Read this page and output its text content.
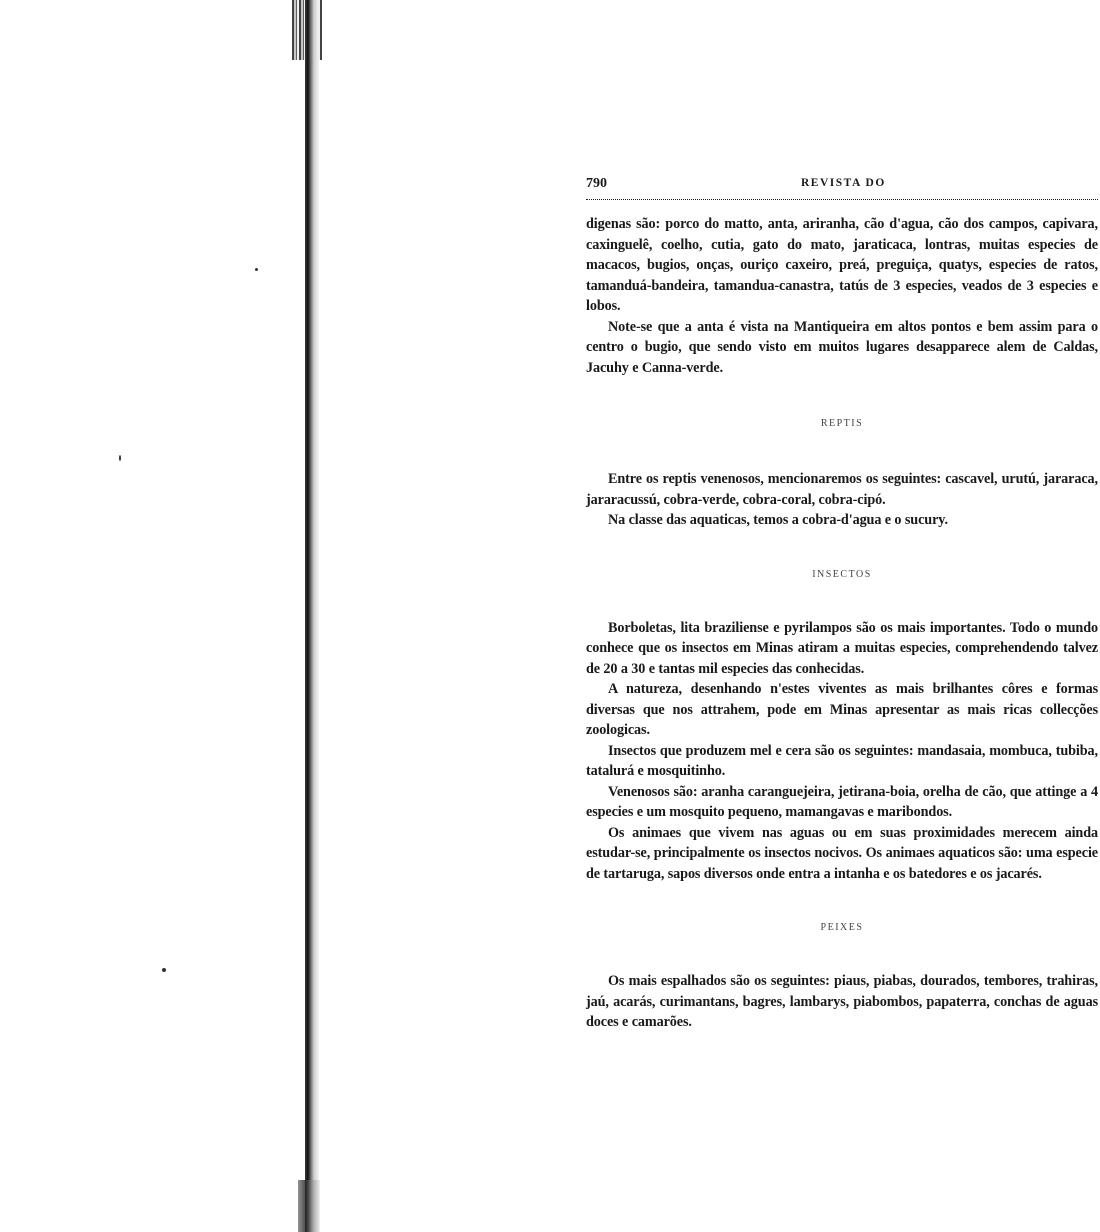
790	REVISTA DO

digenas são: porco do matto, anta, ariranha, cão d'agua, cão dos campos, capivara, caxinguelê, coelho, cutia, gato do mato, jaraticaca, lontras, muitas especies de macacos, bugios, onças, ouriço caxeiro, preá, preguiça, quatys, especies de ratos, tamanduá-bandeira, tamandua-canastra, tatús de 3 especies, veados de 3 especies e lobos.

Note-se que a anta é vista na Mantiqueira em altos pontos e bem assim para o centro o bugio, que sendo visto em muitos lugares desapparece alem de Caldas, Jacuhy e Canna-verde.

REPTIS

Entre os reptis venenosos, mencionaremos os seguintes: cascavel, urutú, jararaca, jararacussú, cobra-verde, cobra-coral, cobra-cipó.

Na classe das aquaticas, temos a cobra-d'agua e o sucury.

INSECTOS

Borboletas, lita braziliense e pyrilampos são os mais importantes. Todo o mundo conhece que os insectos em Minas atiram a muitas especies, comprehendendo talvez de 20 a 30 e tantas mil especies das conhecidas.

A natureza, desenhando n'estes viventes as mais brilhantes côres e formas diversas que nos attrahem, pode em Minas apresentar as mais ricas collecções zoologicas.

Insectos que produzem mel e cera são os seguintes: mandasaia, mombuca, tubiba, tatalurá e mosquitinho.

Venenosos são: aranha caranguejeira, jetirana-boia, orelha de cão, que attinge a 4 especies e um mosquito pequeno, mamangavas e maribondos.

Os animaes que vivem nas aguas ou em suas proximidades merecem ainda estudar-se, principalmente os insectos nocivos. Os animaes aquaticos são: uma especie de tartaruga, sapos diversos onde entra a intanha e os batedores e os jacarés.

PEIXES

Os mais espalhados são os seguintes: piaus, piabas, dourados, tembores, trahiras, jaú, acarás, curimantans, bagres, lambarys, piabombos, papaterra, conchas de aguas doces e camarões.
